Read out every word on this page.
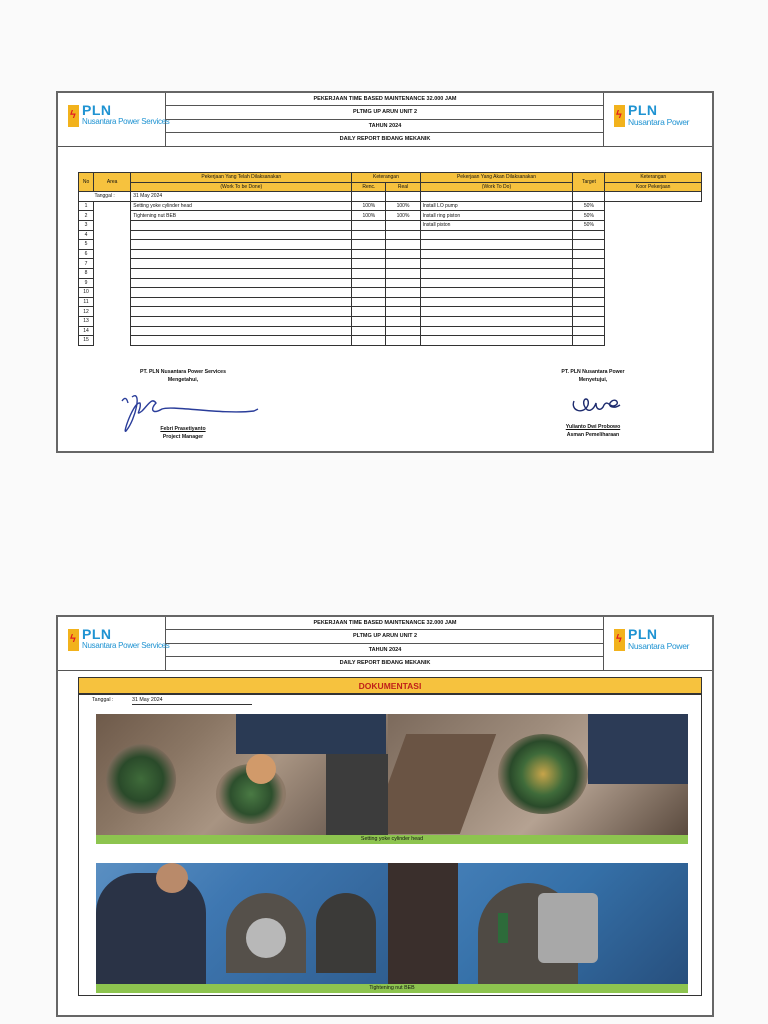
ϟ PLN
Nusantara Power Services
PEKERJAAN TIME BASED MAINTENANCE 32.000 JAM
PLTMG UP ARUN UNIT 2
TAHUN 2024
DAILY REPORT BIDANG MEKANIK
ϟ PLN
Nusantara Power
No	Area	Pekerjaan Yang Telah Dilaksanakan	Keterangan		Pekerjaan Yang Akan Dilaksanakan	Target	Keterangan
		(Work To be Done)	Renc.	Real	(Work To Do)		Koor Pekerjaan
Tanggal :		31 May 2024					
1		Setting yoke cylinder head	100%	100%	Install LO pump	50%	
2		Tightening nut BEB	100%	100%	Install ring piston	50%	
3					Install piston	50%	
4							
5							
6							
7							
8							
9							
10							
11							
12							
13							
14							
15							
PT. PLN Nusantara Power Services
Mengetahui,
Febri Prasetiyanto
Project Manager
PT. PLN Nusantara Power
Menyetujui,
Yulianto Dwi Probowo
Asman Pemeliharaan
ϟ PLN
Nusantara Power Services
PEKERJAAN TIME BASED MAINTENANCE 32.000 JAM
PLTMG UP ARUN UNIT 2
TAHUN 2024
DAILY REPORT BIDANG MEKANIK
ϟ PLN
Nusantara Power
DOKUMENTASI
Tanggal :	31 May 2024
Setting yoke cylinder head
Tightening nut BEB
